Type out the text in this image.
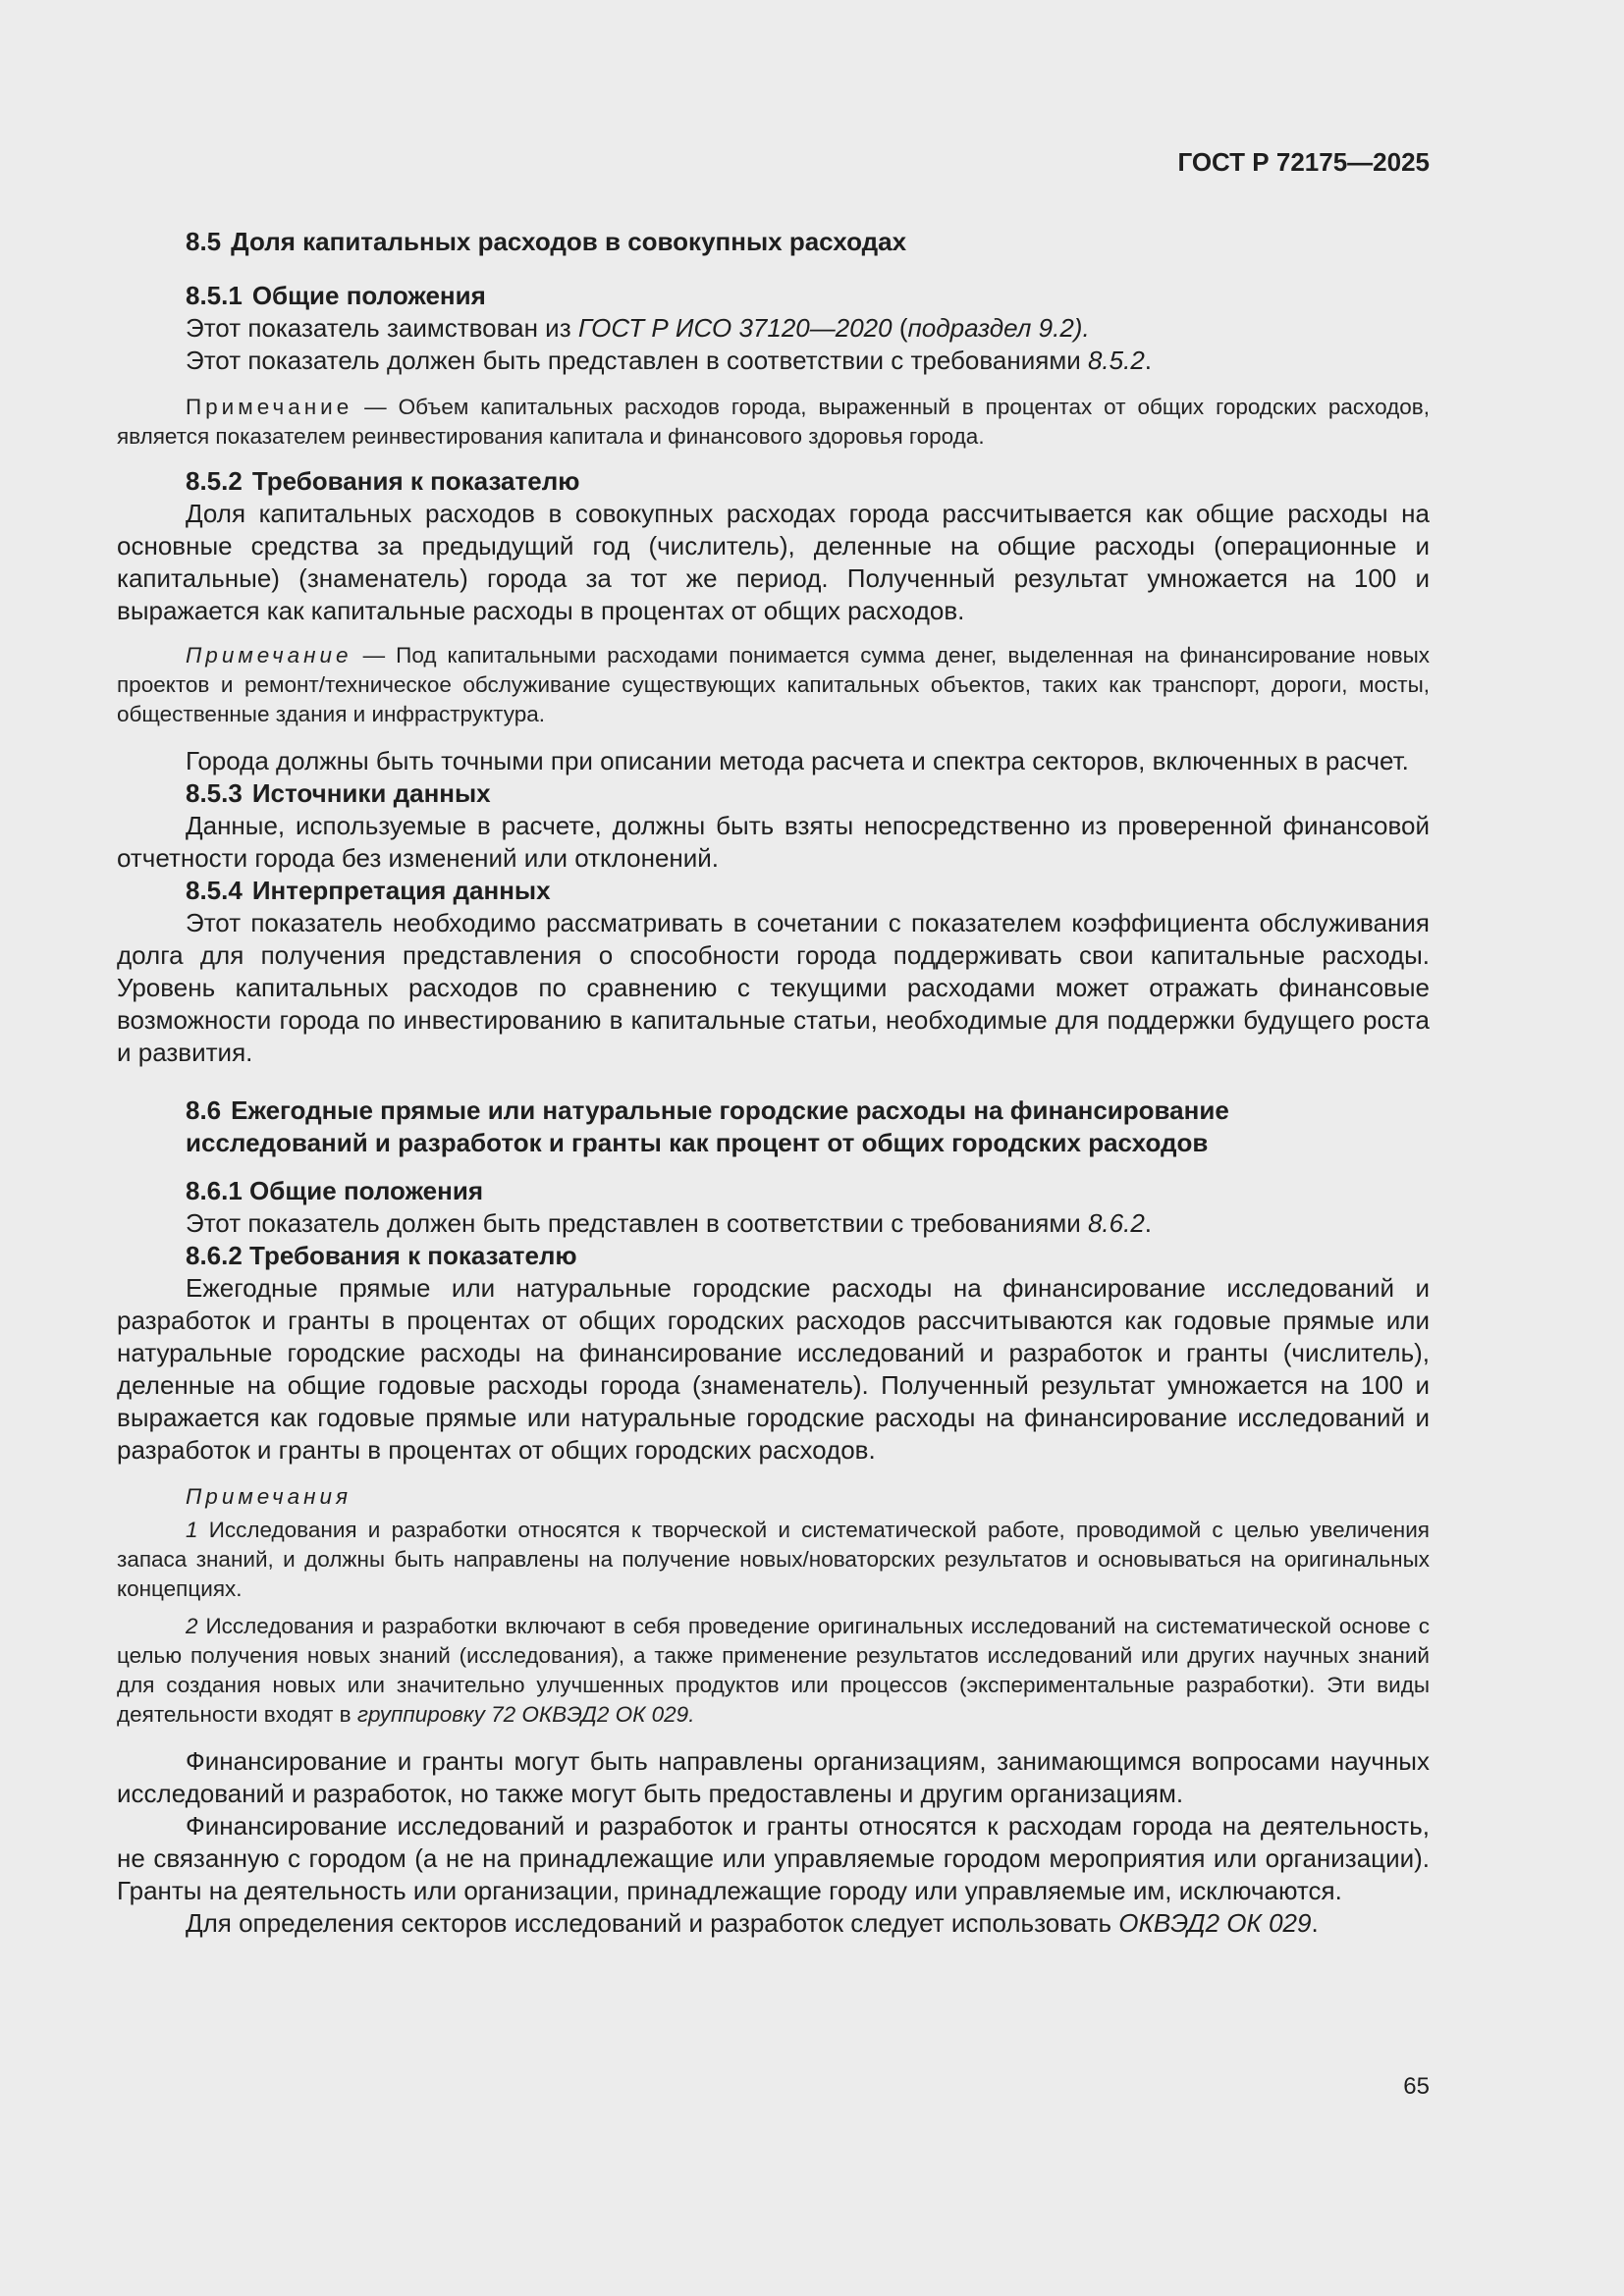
ГОСТ Р 72175—2025

8.5 Доля капитальных расходов в совокупных расходах

8.5.1 Общие положения

Этот показатель заимствован из ГОСТ Р ИСО 37120—2020 (подраздел 9.2).

Этот показатель должен быть представлен в соответствии с требованиями 8.5.2.

Примечание — Объем капитальных расходов города, выраженный в процентах от общих городских расходов, является показателем реинвестирования капитала и финансового здоровья города.

8.5.2 Требования к показателю

Доля капитальных расходов в совокупных расходах города рассчитывается как общие расходы на основные средства за предыдущий год (числитель), деленные на общие расходы (операционные и капитальные) (знаменатель) города за тот же период. Полученный результат умножается на 100 и выражается как капитальные расходы в процентах от общих расходов.

Примечание — Под капитальными расходами понимается сумма денег, выделенная на финансирование новых проектов и ремонт/техническое обслуживание существующих капитальных объектов, таких как транспорт, дороги, мосты, общественные здания и инфраструктура.

Города должны быть точными при описании метода расчета и спектра секторов, включенных в расчет.

8.5.3 Источники данных

Данные, используемые в расчете, должны быть взяты непосредственно из проверенной финансовой отчетности города без изменений или отклонений.

8.5.4 Интерпретация данных

Этот показатель необходимо рассматривать в сочетании с показателем коэффициента обслуживания долга для получения представления о способности города поддерживать свои капитальные расходы. Уровень капитальных расходов по сравнению с текущими расходами может отражать финансовые возможности города по инвестированию в капитальные статьи, необходимые для поддержки будущего роста и развития.

8.6 Ежегодные прямые или натуральные городские расходы на финансирование

исследований и разработок и гранты как процент от общих городских расходов

8.6.1 Общие положения

Этот показатель должен быть представлен в соответствии с требованиями 8.6.2.

8.6.2 Требования к показателю

Ежегодные прямые или натуральные городские расходы на финансирование исследований и разработок и гранты в процентах от общих городских расходов рассчитываются как годовые прямые или натуральные городские расходы на финансирование исследований и разработок и гранты (числитель), деленные на общие годовые расходы города (знаменатель). Полученный результат умножается на 100 и выражается как годовые прямые или натуральные городские расходы на финансирование исследований и разработок и гранты в процентах от общих городских расходов.

Примечания

1 Исследования и разработки относятся к творческой и систематической работе, проводимой с целью увеличения запаса знаний, и должны быть направлены на получение новых/новаторских результатов и основываться на оригинальных концепциях.

2 Исследования и разработки включают в себя проведение оригинальных исследований на систематической основе с целью получения новых знаний (исследования), а также применение результатов исследований или других научных знаний для создания новых или значительно улучшенных продуктов или процессов (экспериментальные разработки). Эти виды деятельности входят в группировку 72 ОКВЭД2 ОК 029.

Финансирование и гранты могут быть направлены организациям, занимающимся вопросами научных исследований и разработок, но также могут быть предоставлены и другим организациям.

Финансирование исследований и разработок и гранты относятся к расходам города на деятельность, не связанную с городом (а не на принадлежащие или управляемые городом мероприятия или организации). Гранты на деятельность или организации, принадлежащие городу или управляемые им, исключаются.

Для определения секторов исследований и разработок следует использовать ОКВЭД2 ОК 029.

65
